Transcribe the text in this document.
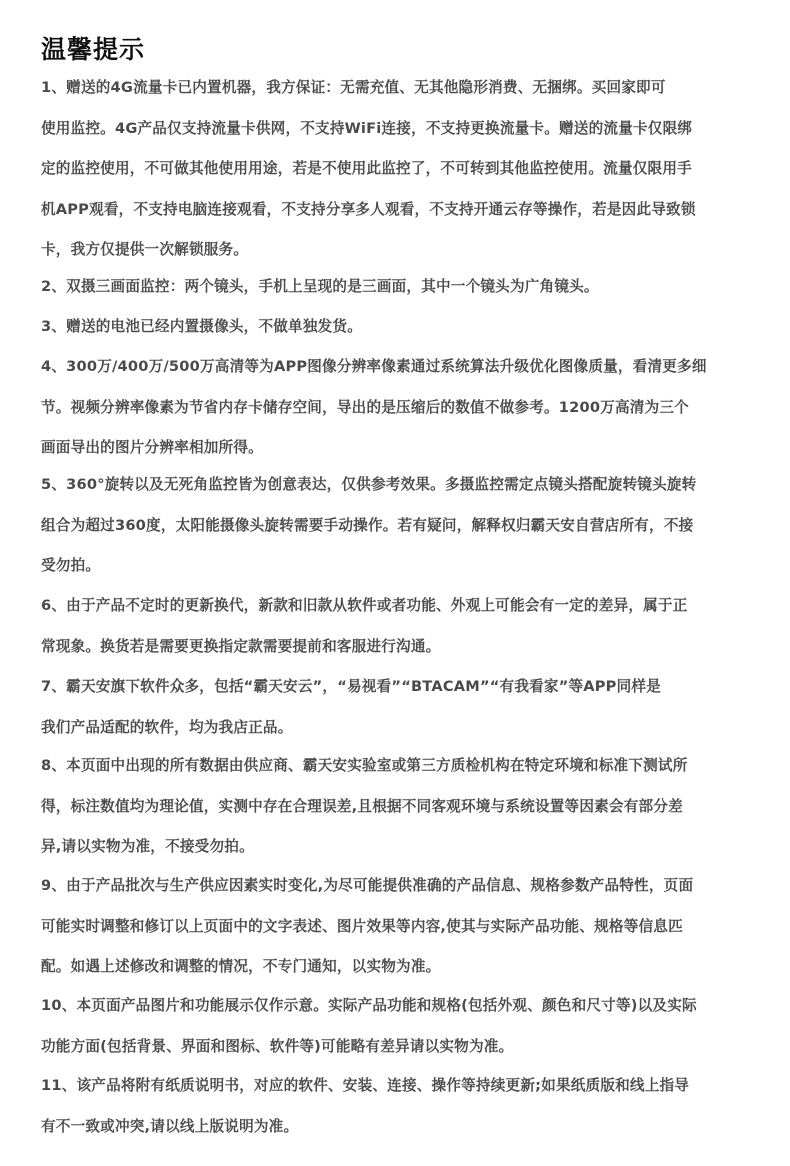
温馨提示

1、赠送的4G流量卡已内置机器，我方保证：无需充值、无其他隐形消费、无捆绑。买回家即可
使用监控。4G产品仅支持流量卡供网，不支持WiFi连接，不支持更换流量卡。赠送的流量卡仅限绑
定的监控使用，不可做其他使用用途，若是不使用此监控了，不可转到其他监控使用。流量仅限用手
机APP观看，不支持电脑连接观看，不支持分享多人观看，不支持开通云存等操作，若是因此导致锁
卡，我方仅提供一次解锁服务。

2、双摄三画面监控：两个镜头，手机上呈现的是三画面，其中一个镜头为广角镜头。

3、赠送的电池已经内置摄像头，不做单独发货。

4、300万/400万/500万高清等为APP图像分辨率像素通过系统算法升级优化图像质量，看清更多细
节。视频分辨率像素为节省内存卡储存空间，导出的是压缩后的数值不做参考。1200万高清为三个
画面导出的图片分辨率相加所得。

5、360°旋转以及无死角监控皆为创意表达，仅供参考效果。多摄监控需定点镜头搭配旋转镜头旋转
组合为超过360度，太阳能摄像头旋转需要手动操作。若有疑问，解释权归霸天安自营店所有，不接
受勿拍。

6、由于产品不定时的更新换代，新款和旧款从软件或者功能、外观上可能会有一定的差异，属于正
常现象。换货若是需要更换指定款需要提前和客服进行沟通。

7、霸天安旗下软件众多，包括“霸天安云”，“易视看”“BTACAM”“有我看家”等APP同样是
我们产品适配的软件，均为我店正品。

8、本页面中出现的所有数据由供应商、霸天安实验室或第三方质检机构在特定环境和标准下测试所
得，标注数值均为理论值，实测中存在合理误差,且根据不同客观环境与系统设置等因素会有部分差
异,请以实物为准，不接受勿拍。

9、由于产品批次与生产供应因素实时变化,为尽可能提供准确的产品信息、规格参数产品特性，页面
可能实时调整和修订以上页面中的文字表述、图片效果等内容,使其与实际产品功能、规格等信息匹
配。如遇上述修改和调整的情况，不专门通知，以实物为准。

10、本页面产品图片和功能展示仅作示意。实际产品功能和规格(包括外观、颜色和尺寸等)以及实际
功能方面(包括背景、界面和图标、软件等)可能略有差异请以实物为准。

11、该产品将附有纸质说明书，对应的软件、安装、连接、操作等持续更新;如果纸质版和线上指导
有不一致或冲突,请以线上版说明为准。
